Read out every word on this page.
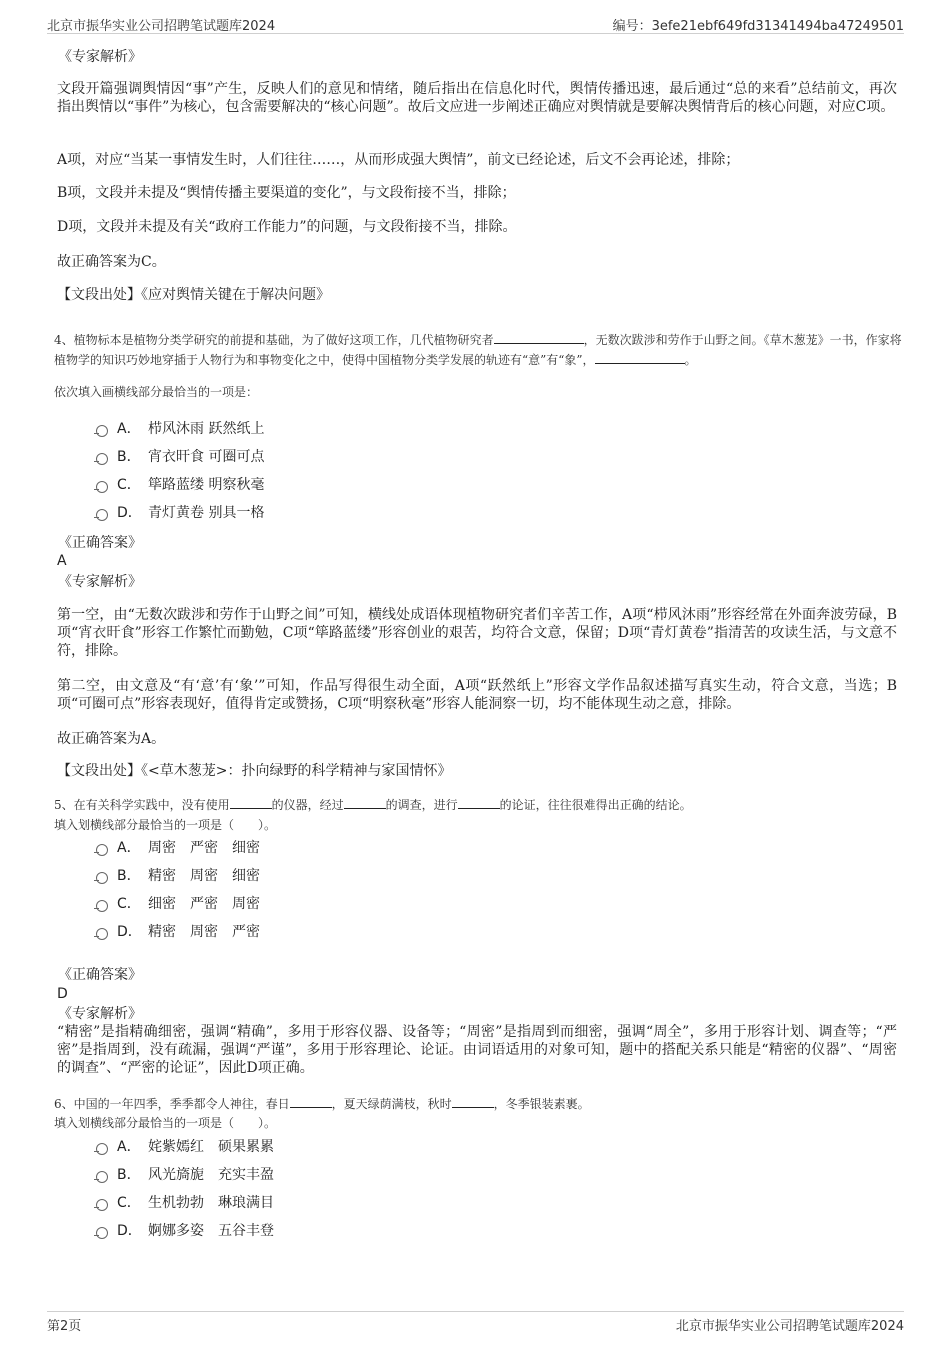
北京市振华实业公司招聘笔试题库2024	编号：3efe21ebf649fd31341494ba47249501

《专家解析》

文段开篇强调舆情因“事”产生，反映人们的意见和情绪，随后指出在信息化时代，舆情传播迅速，最后通过“总的来看”总结前文，再次指出舆情以“事件”为核心，包含需要解决的“核心问题”。故后文应进一步阐述正确应对舆情就是要解决舆情背后的核心问题，对应C项。

A项，对应“当某一事情发生时，人们往往……，从而形成强大舆情”，前文已经论述，后文不会再论述，排除；

B项，文段并未提及“舆情传播主要渠道的变化”，与文段衔接不当，排除；

D项，文段并未提及有关“政府工作能力”的问题，与文段衔接不当，排除。

故正确答案为C。

【文段出处】《应对舆情关键在于解决问题》

4、植物标本是植物分类学研究的前提和基础，为了做好这项工作，几代植物研究者	，无数次跋涉和劳作于山野之间。《草木葱茏》一书，作家将植物学的知识巧妙地穿插于人物行为和事物变化之中，使得中国植物分类学发展的轨迹有“意”有“象”，	。

依次填入画横线部分最恰当的一项是：

A． 栉风沐雨 跃然纸上
B． 宵衣旰食 可圈可点
C． 筚路蓝缕 明察秋毫
D． 青灯黄卷 别具一格

《正确答案》

A

《专家解析》

第一空，由“无数次跋涉和劳作于山野之间”可知，横线处成语体现植物研究者们辛苦工作，A项“栉风沐雨”形容经常在外面奔波劳碌，B项“宵衣旰食”形容工作繁忙而勤勉，C项“筚路蓝缕”形容创业的艰苦，均符合文意，保留；D项“青灯黄卷”指清苦的攻读生活，与文意不符，排除。

第二空，由文意及“有‘意’有‘象’”可知，作品写得很生动全面，A项“跃然纸上”形容文学作品叙述描写真实生动，符合文意，当选；B项“可圈可点”形容表现好，值得肯定或赞扬，C项“明察秋毫”形容人能洞察一切，均不能体现生动之意，排除。

故正确答案为A。

【文段出处】《<草木葱茏>：扑向绿野的科学精神与家国情怀》

5、在有关科学实践中，没有使用	的仪器，经过	的调查，进行	的论证，往往很难得出正确的结论。

填入划横线部分最恰当的一项是（　　）。

A． 周密　严密　细密
B． 精密　周密　细密
C． 细密　严密　周密
D． 精密　周密　严密

《正确答案》

D

《专家解析》

“精密”是指精确细密，强调“精确”，多用于形容仪器、设备等；“周密”是指周到而细密，强调“周全”，多用于形容计划、调查等；“严密”是指周到，没有疏漏，强调“严谨”，多用于形容理论、论证。由词语适用的对象可知，题中的搭配关系只能是“精密的仪器”、“周密的调查”、“严密的论证”，因此D项正确。

6、中国的一年四季，季季都令人神往，春日	，夏天绿荫满枝，秋时	，冬季银装素裹。

填入划横线部分最恰当的一项是（　　）。

A． 姹紫嫣红　硕果累累
B． 风光旖旎　充实丰盈
C． 生机勃勃　琳琅满目
D． 婀娜多姿　五谷丰登
第2页	北京市振华实业公司招聘笔试题库2024
